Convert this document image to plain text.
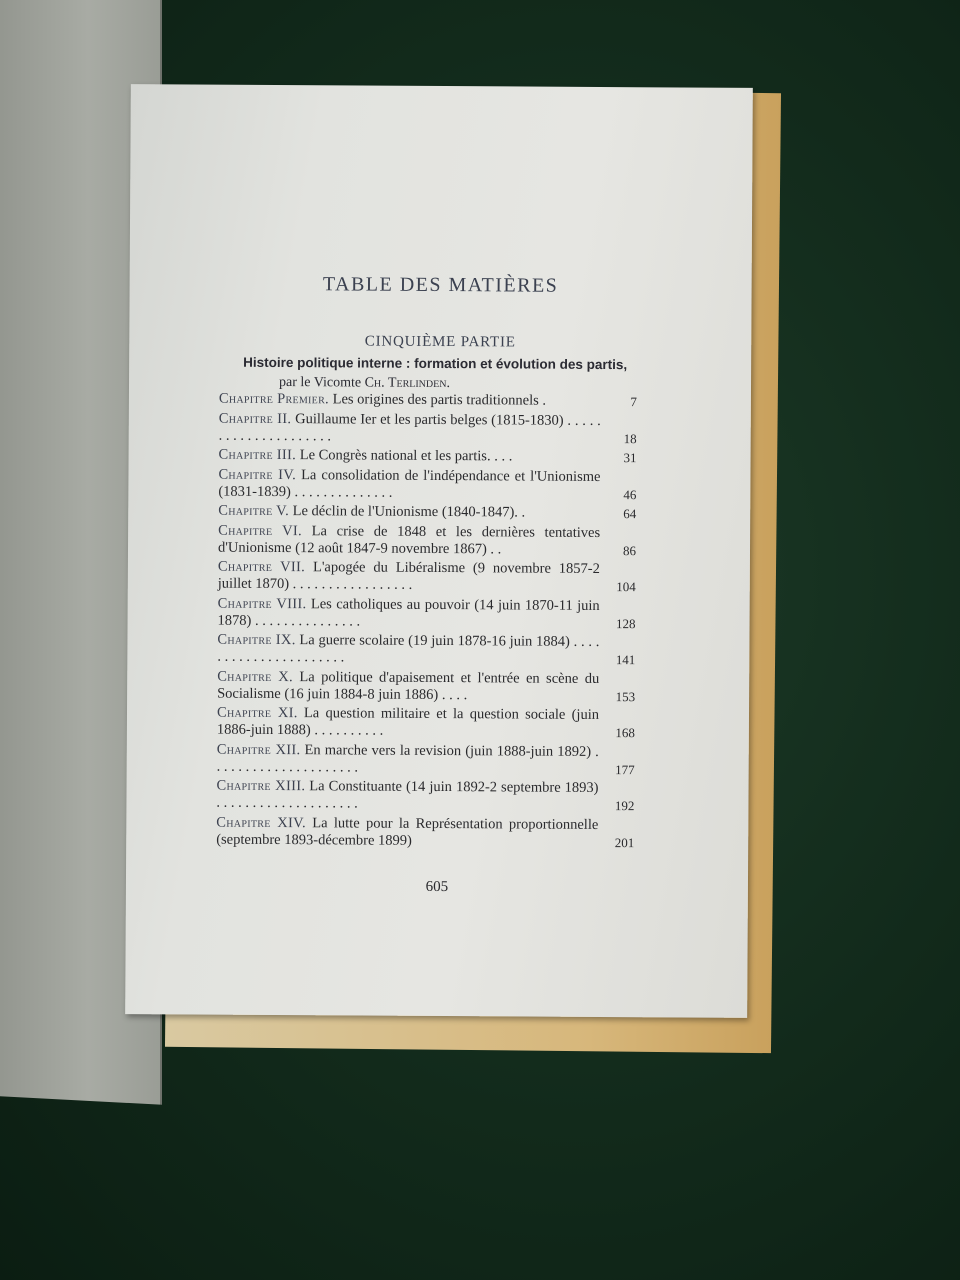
TABLE DES MATIÈRES
CINQUIÈME PARTIE
Histoire politique interne : formation et évolution des partis,
par le Vicomte Ch. Terlinden.
Chapitre Premier. Les origines des partis traditionnels .	7
Chapitre II. Guillaume Ier et les partis belges (1815-1830) . . . . . . . . . . . . . . . . . . . . .	18
Chapitre III. Le Congrès national et les partis. . . .	31
Chapitre IV. La consolidation de l'indépendance et l'Unionisme (1831-1839) . . . . . . . . . . . . . .	46
Chapitre V. Le déclin de l'Unionisme (1840-1847). .	64
Chapitre VI. La crise de 1848 et les dernières tentatives d'Unionisme (12 août 1847-9 novembre 1867) . .	86
Chapitre VII. L'apogée du Libéralisme (9 novembre 1857-2 juillet 1870) . . . . . . . . . . . . . . . . .	104
Chapitre VIII. Les catholiques au pouvoir (14 juin 1870-11 juin 1878) . . . . . . . . . . . . . . .	128
Chapitre IX. La guerre scolaire (19 juin 1878-16 juin 1884) . . . . . . . . . . . . . . . . . . . . . .	141
Chapitre X. La politique d'apaisement et l'entrée en scène du Socialisme (16 juin 1884-8 juin 1886) . . . .	153
Chapitre XI. La question militaire et la question sociale (juin 1886-juin 1888) . . . . . . . . . .	168
Chapitre XII. En marche vers la revision (juin 1888-juin 1892) . . . . . . . . . . . . . . . . . . . . .	177
Chapitre XIII. La Constituante (14 juin 1892-2 septembre 1893) . . . . . . . . . . . . . . . . . . . .	192
Chapitre XIV. La lutte pour la Représentation proportionnelle (septembre 1893-décembre 1899)	201
605
